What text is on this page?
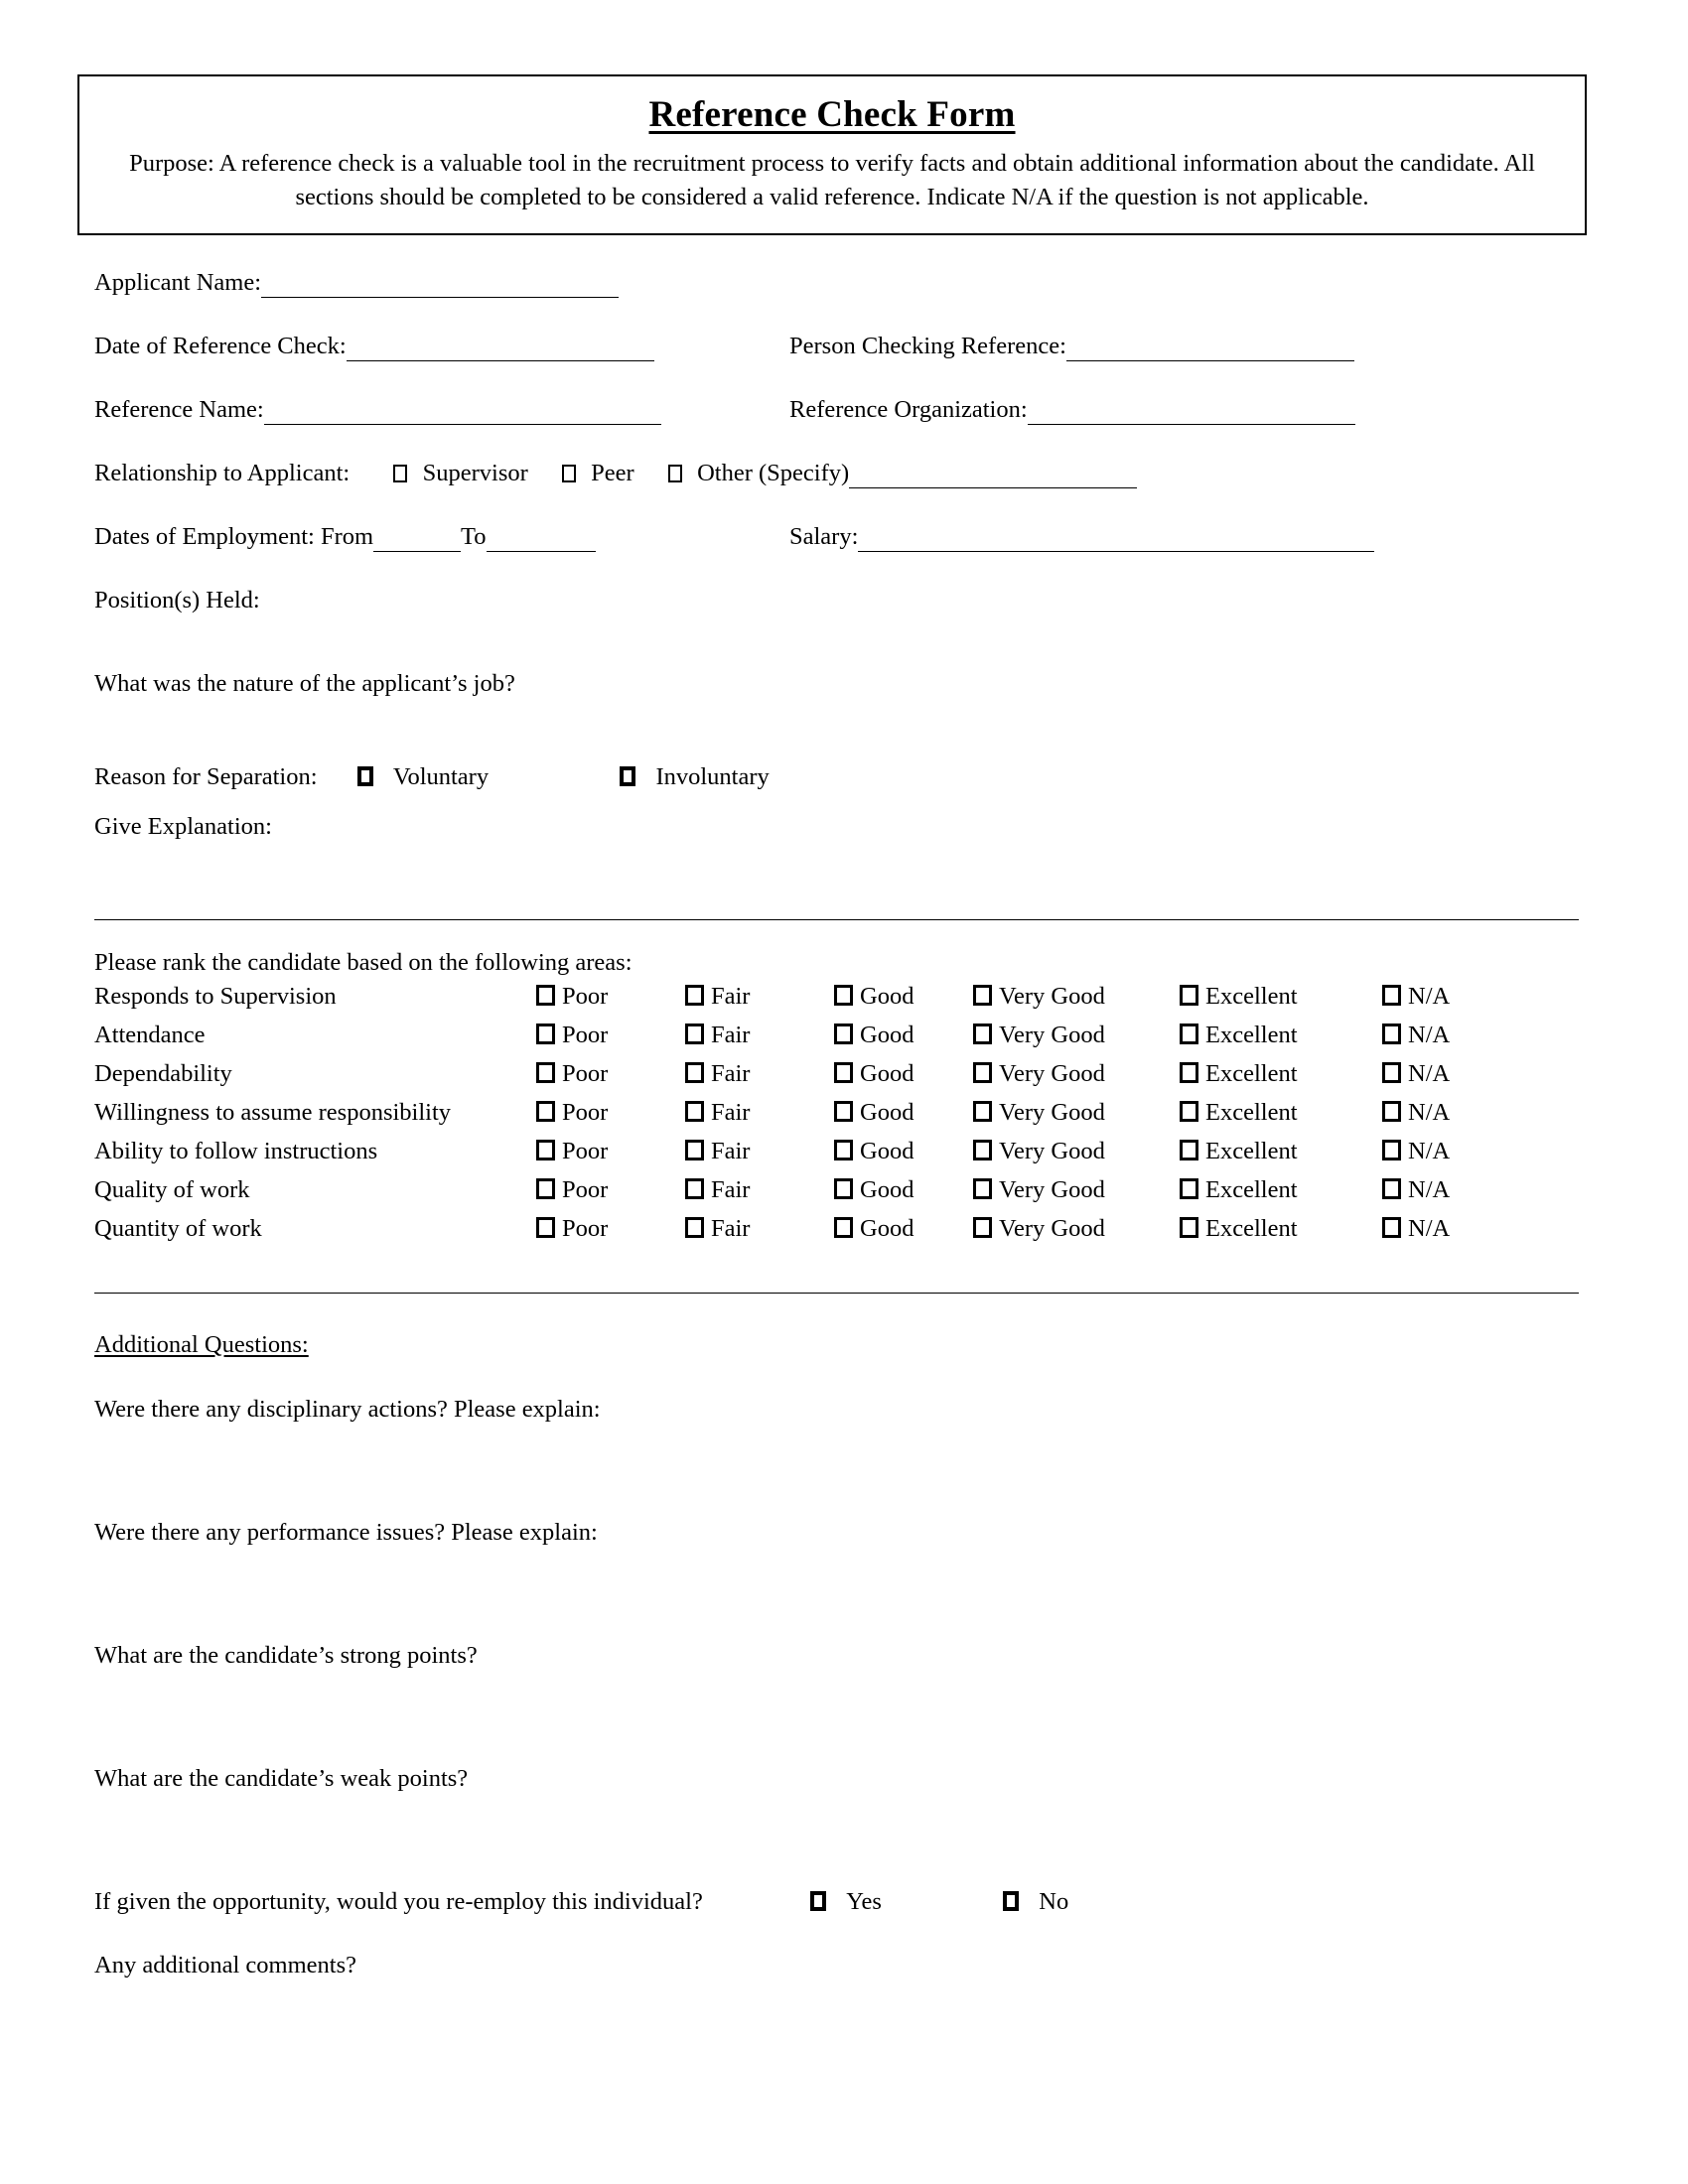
Reference Check Form
Purpose: A reference check is a valuable tool in the recruitment process to verify facts and obtain additional information about the candidate. All sections should be completed to be considered a valid reference. Indicate N/A if the question is not applicable.
Applicant Name:
Date of Reference Check:	Person Checking Reference:
Reference Name:	Reference Organization:
Relationship to Applicant:	Supervisor	Peer	Other (Specify)
Dates of Employment: From	To	Salary:
Position(s) Held:
What was the nature of the applicant’s job?
Reason for Separation:	Voluntary	Involuntary
Give Explanation:
Please rank the candidate based on the following areas:
Responds to Supervision	Poor	Fair	Good	Very Good	Excellent	N/A
Attendance	Poor	Fair	Good	Very Good	Excellent	N/A
Dependability	Poor	Fair	Good	Very Good	Excellent	N/A
Willingness to assume responsibility	Poor	Fair	Good	Very Good	Excellent	N/A
Ability to follow instructions	Poor	Fair	Good	Very Good	Excellent	N/A
Quality of work	Poor	Fair	Good	Very Good	Excellent	N/A
Quantity of work	Poor	Fair	Good	Very Good	Excellent	N/A
Additional Questions:
Were there any disciplinary actions? Please explain:
Were there any performance issues? Please explain:
What are the candidate’s strong points?
What are the candidate’s weak points?
If given the opportunity, would you re-employ this individual?	Yes	No
Any additional comments?
